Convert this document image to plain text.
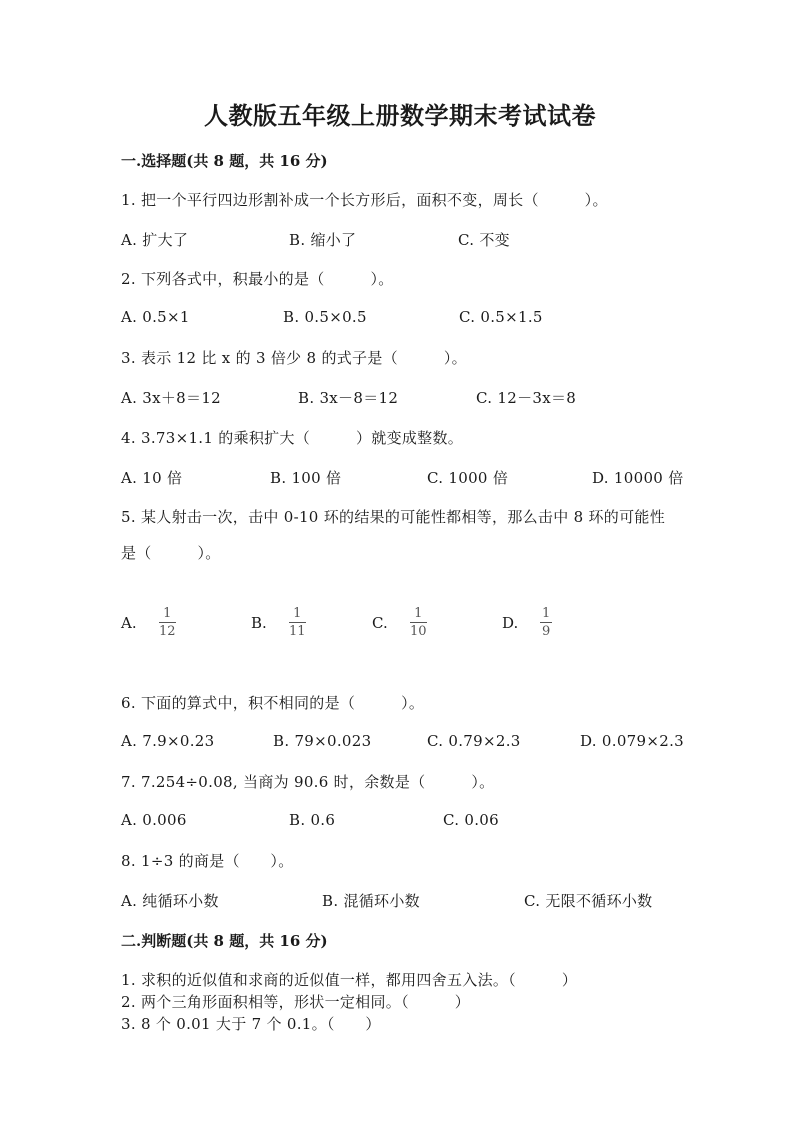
人教版五年级上册数学期末考试试卷
一.选择题(共 8 题，共 16 分)
1. 把一个平行四边形割补成一个长方形后，面积不变，周长（　　　）。
A. 扩大了	B. 缩小了	C. 不变
2. 下列各式中，积最小的是（　　　）。
A. 0.5×1	B. 0.5×0.5	C. 0.5×1.5
3. 表示 12 比 x 的 3 倍少 8 的式子是（　　　）。
A. 3x＋8＝12	B. 3x－8＝12	C. 12－3x＝8
4. 3.73×1.1 的乘积扩大（　　　）就变成整数。
A. 10 倍	B. 100 倍	C. 1000 倍	D. 10000 倍
5. 某人射击一次，击中 0-10 环的结果的可能性都相等，那么击中 8 环的可能性
是（　　　）。
A.	$\frac{1}{12}$	B.	$\frac{1}{11}$	C.	$\frac{1}{10}$	D.	$\frac{1}{9}$
6. 下面的算式中，积不相同的是（　　　）。
A. 7.9×0.23	B. 79×0.023	C. 0.79×2.3	D. 0.079×2.3
7. 7.254÷0.08, 当商为 90.6 时，余数是（　　　）。
A. 0.006	B. 0.6	C. 0.06
8. 1÷3 的商是（　　）。
A. 纯循环小数	B. 混循环小数	C. 无限不循环小数
二.判断题(共 8 题，共 16 分)
1. 求积的近似值和求商的近似值一样，都用四舍五入法。（　　　）
2. 两个三角形面积相等，形状一定相同。（　　　）
3. 8 个 0.01 大于 7 个 0.1。（　　）
